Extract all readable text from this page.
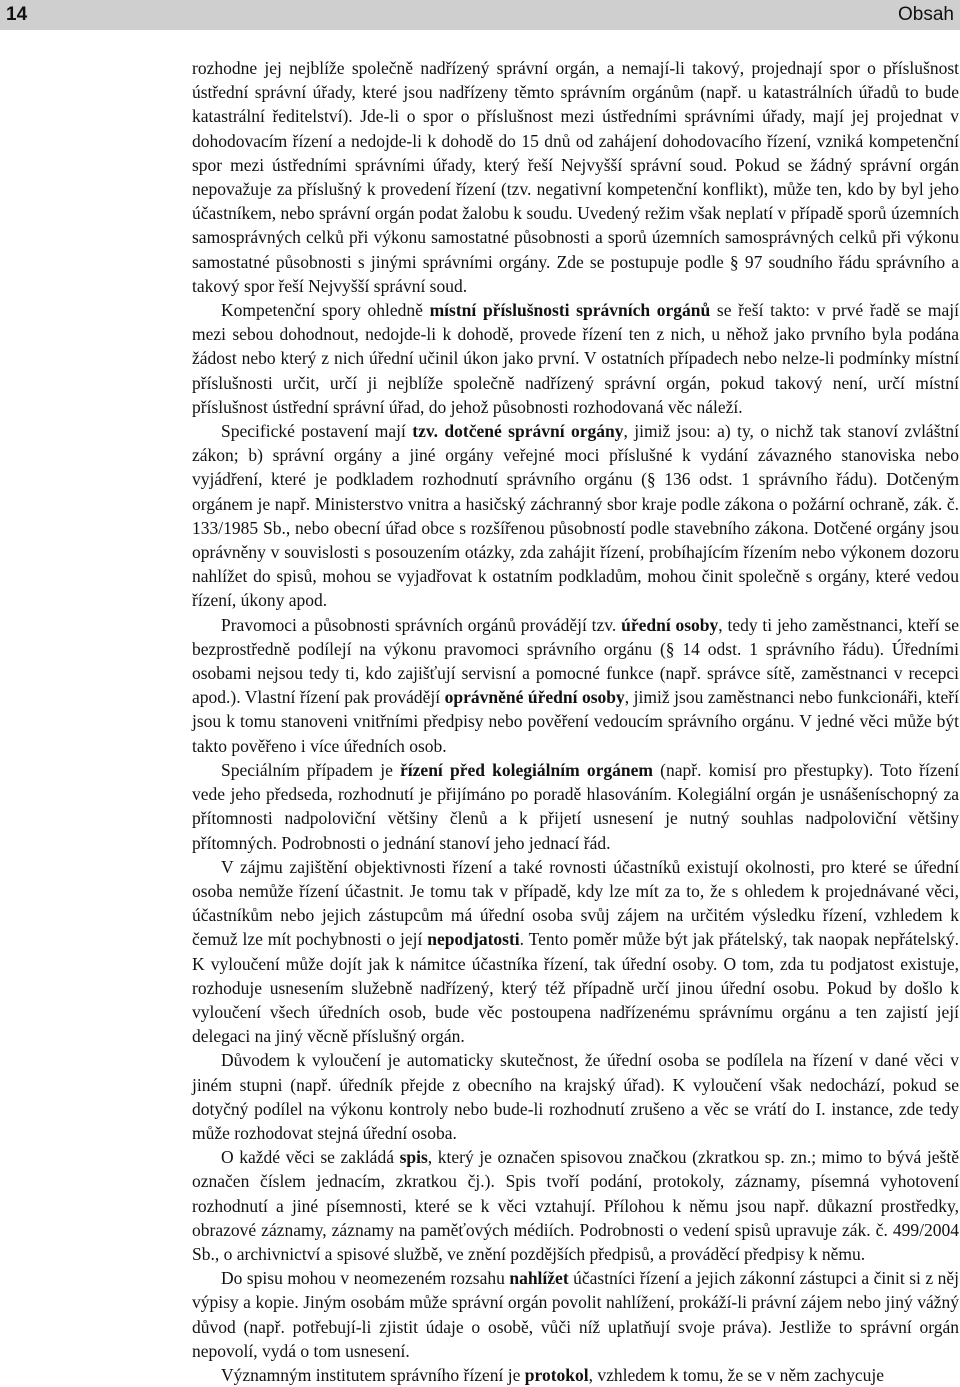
14	Obsah

rozhodne jej nejblíže společně nadřízený správní orgán, a nemají-li takový, projednají spor o příslušnost ústřední správní úřady, které jsou nadřízeny těmto správním orgánům (např. u katastrálních úřadů to bude katastrální ředitelství). Jde-li o spor o příslušnost mezi ústředními správními úřady, mají jej projednat v dohodovacím řízení a nedojde-li k dohodě do 15 dnů od zahájení dohodovacího řízení, vzniká kompetenční spor mezi ústředními správními úřady, který řeší Nejvyšší správní soud. Pokud se žádný správní orgán nepovažuje za příslušný k provedení řízení (tzv. negativní kompetenční konflikt), může ten, kdo by byl jeho účastníkem, nebo správní orgán podat žalobu k soudu. Uvedený režim však neplatí v případě sporů územních samosprávných celků při výkonu samostatné působnosti a sporů územních samosprávných celků při výkonu samostatné působnosti s jinými správními orgány. Zde se postupuje podle § 97 soudního řádu správního a takový spor řeší Nejvyšší správní soud.

Kompetenční spory ohledně místní příslušnosti správních orgánů se řeší takto: v prvé řadě se mají mezi sebou dohodnout, nedojde-li k dohodě, provede řízení ten z nich, u něhož jako prvního byla podána žádost nebo který z nich úřední učinil úkon jako první. V ostatních případech nebo nelze-li podmínky místní příslušnosti určit, určí ji nejblíže společně nadřízený správní orgán, pokud takový není, určí místní příslušnost ústřední správní úřad, do jehož působnosti rozhodovaná věc náleží.

Specifické postavení mají tzv. dotčené správní orgány, jimiž jsou: a) ty, o nichž tak stanoví zvláštní zákon; b) správní orgány a jiné orgány veřejné moci příslušné k vydání závazného stanoviska nebo vyjádření, které je podkladem rozhodnutí správního orgánu (§ 136 odst. 1 správního řádu). Dotčeným orgánem je např. Ministerstvo vnitra a hasičský záchranný sbor kraje podle zákona o požární ochraně, zák. č. 133/1985 Sb., nebo obecní úřad obce s rozšířenou působností podle stavebního zákona. Dotčené orgány jsou oprávněny v souvislosti s posouzením otázky, zda zahájit řízení, probíhajícím řízením nebo výkonem dozoru nahlížet do spisů, mohou se vyjadřovat k ostatním podkladům, mohou činit společně s orgány, které vedou řízení, úkony apod.

Pravomoci a působnosti správních orgánů provádějí tzv. úřední osoby, tedy ti jeho zaměstnanci, kteří se bezprostředně podílejí na výkonu pravomoci správního orgánu (§ 14 odst. 1 správního řádu). Úředními osobami nejsou tedy ti, kdo zajišťují servisní a pomocné funkce (např. správce sítě, zaměstnanci v recepci apod.). Vlastní řízení pak provádějí oprávněné úřední osoby, jimiž jsou zaměstnanci nebo funkcionáři, kteří jsou k tomu stanoveni vnitřními předpisy nebo pověření vedoucím správního orgánu. V jedné věci může být takto pověřeno i více úředních osob.

Speciálním případem je řízení před kolegiálním orgánem (např. komisí pro přestupky). Toto řízení vede jeho předseda, rozhodnutí je přijímáno po poradě hlasováním. Kolegiální orgán je usnášeníschopný za přítomnosti nadpoloviční většiny členů a k přijetí usnesení je nutný souhlas nadpoloviční většiny přítomných. Podrobnosti o jednání stanoví jeho jednací řád.

V zájmu zajištění objektivnosti řízení a také rovnosti účastníků existují okolnosti, pro které se úřední osoba nemůže řízení účastnit. Je tomu tak v případě, kdy lze mít za to, že s ohledem k projednávané věci, účastníkům nebo jejich zástupcům má úřední osoba svůj zájem na určitém výsledku řízení, vzhledem k čemuž lze mít pochybnosti o její nepodjatosti. Tento poměr může být jak přátelský, tak naopak nepřátelský. K vyloučení může dojít jak k námitce účastníka řízení, tak úřední osoby. O tom, zda tu podjatost existuje, rozhoduje usnesením služebně nadřízený, který též případně určí jinou úřední osobu. Pokud by došlo k vyloučení všech úředních osob, bude věc postoupena nadřízenému správnímu orgánu a ten zajistí její delegaci na jiný věcně příslušný orgán.

Důvodem k vyloučení je automaticky skutečnost, že úřední osoba se podílela na řízení v dané věci v jiném stupni (např. úředník přejde z obecního na krajský úřad). K vyloučení však nedochází, pokud se dotyčný podílel na výkonu kontroly nebo bude-li rozhodnutí zrušeno a věc se vrátí do I. instance, zde tedy může rozhodovat stejná úřední osoba.

O každé věci se zakládá spis, který je označen spisovou značkou (zkratkou sp. zn.; mimo to bývá ještě označen číslem jednacím, zkratkou čj.). Spis tvoří podání, protokoly, záznamy, písemná vyhotovení rozhodnutí a jiné písemnosti, které se k věci vztahují. Přílohou k němu jsou např. důkazní prostředky, obrazové záznamy, záznamy na paměťových médiích. Podrobnosti o vedení spisů upravuje zák. č. 499/2004 Sb., o archivnictví a spisové službě, ve znění pozdějších předpisů, a prováděcí předpisy k němu.

Do spisu mohou v neomezeném rozsahu nahlížet účastníci řízení a jejich zákonní zástupci a činit si z něj výpisy a kopie. Jiným osobám může správní orgán povolit nahlížení, prokáží-li právní zájem nebo jiný vážný důvod (např. potřebují-li zjistit údaje o osobě, vůči níž uplatňují svoje práva). Jestliže to správní orgán nepovolí, vydá o tom usnesení.

Významným institutem správního řízení je protokol, vzhledem k tomu, že se v něm zachycuje
